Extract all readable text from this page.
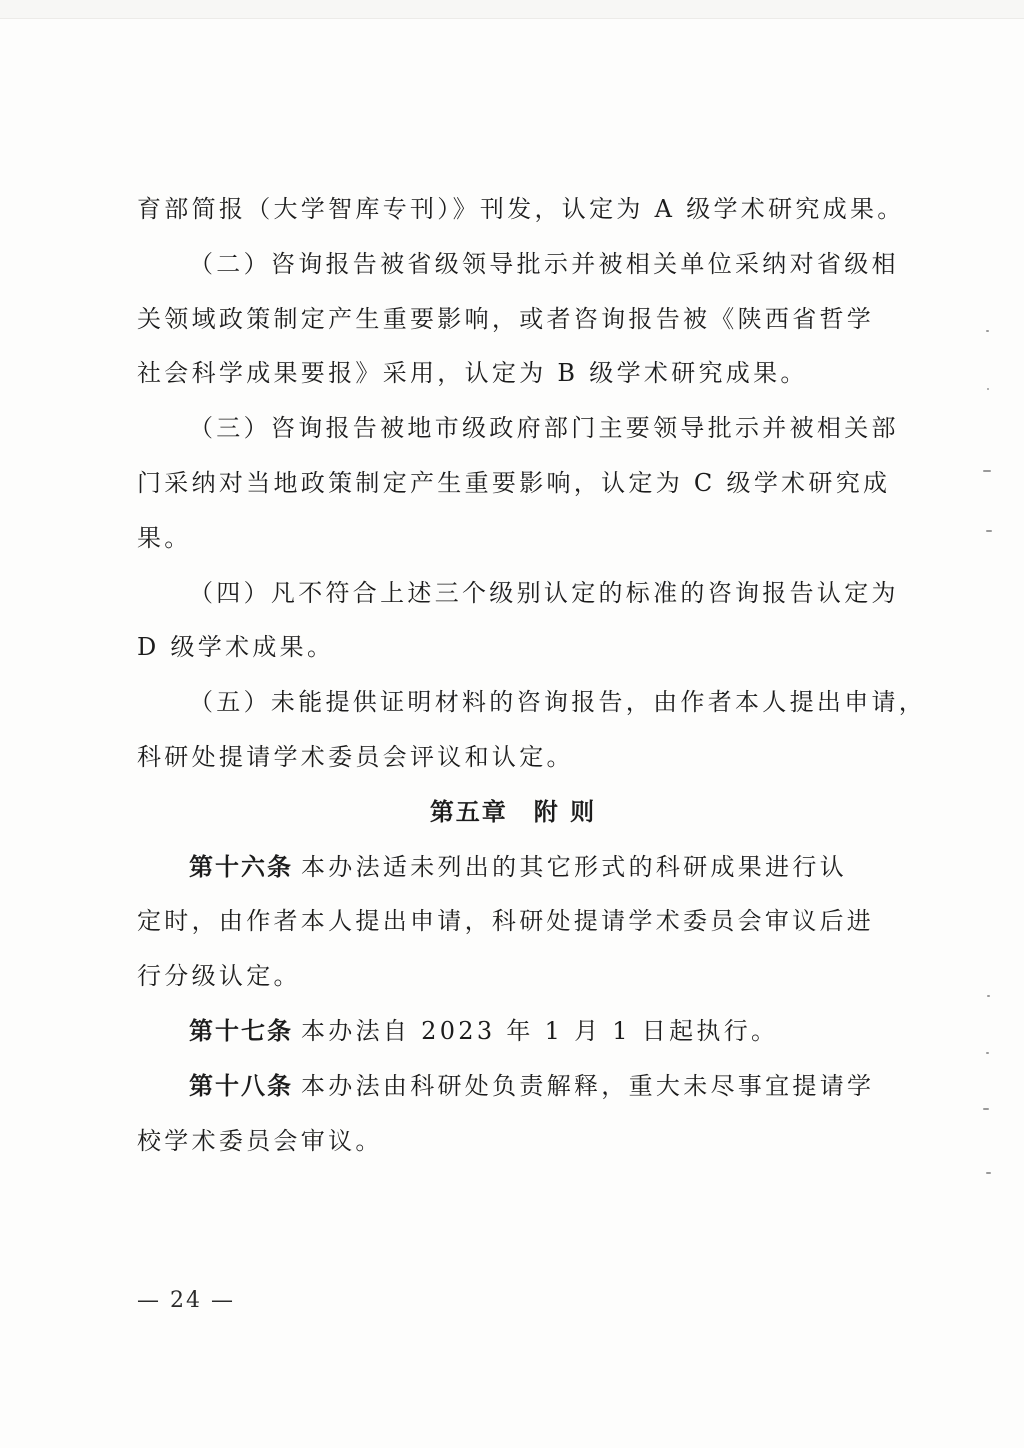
育部简报（大学智库专刊）》刊发，认定为 A 级学术研究成果。
（二）咨询报告被省级领导批示并被相关单位采纳对省级相
关领域政策制定产生重要影响，或者咨询报告被《陕西省哲学
社会科学成果要报》采用，认定为 B 级学术研究成果。
（三）咨询报告被地市级政府部门主要领导批示并被相关部
门采纳对当地政策制定产生重要影响，认定为 C 级学术研究成
果。
（四）凡不符合上述三个级别认定的标准的咨询报告认定为
D 级学术成果。
（五）未能提供证明材料的咨询报告，由作者本人提出申请，
科研处提请学术委员会评议和认定。
第五章　附 则
第十六条 本办法适未列出的其它形式的科研成果进行认
定时，由作者本人提出申请，科研处提请学术委员会审议后进
行分级认定。
第十七条 本办法自 2023 年 1 月 1 日起执行。
第十八条 本办法由科研处负责解释，重大未尽事宜提请学
校学术委员会审议。
— 24 —
